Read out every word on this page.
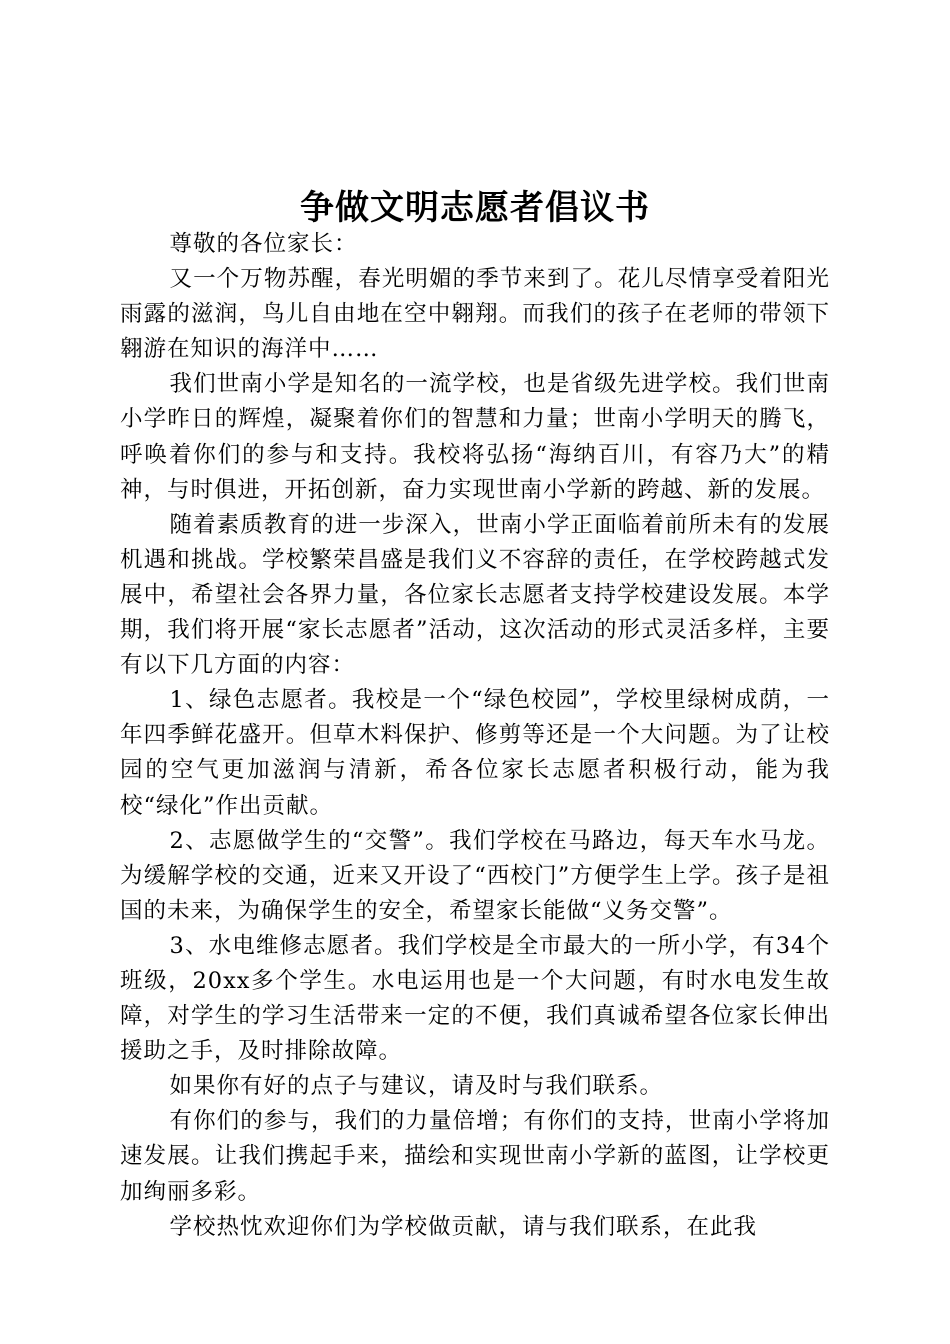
争做文明志愿者倡议书

尊敬的各位家长：

又一个万物苏醒，春光明媚的季节来到了。花儿尽情享受着阳光雨露的滋润，鸟儿自由地在空中翱翔。而我们的孩子在老师的带领下翱游在知识的海洋中……

我们世南小学是知名的一流学校，也是省级先进学校。我们世南小学昨日的辉煌，凝聚着你们的智慧和力量；世南小学明天的腾飞，呼唤着你们的参与和支持。我校将弘扬“海纳百川，有容乃大”的精神，与时俱进，开拓创新，奋力实现世南小学新的跨越、新的发展。

随着素质教育的进一步深入，世南小学正面临着前所未有的发展机遇和挑战。学校繁荣昌盛是我们义不容辞的责任，在学校跨越式发展中，希望社会各界力量，各位家长志愿者支持学校建设发展。本学期，我们将开展“家长志愿者”活动，这次活动的形式灵活多样，主要有以下几方面的内容：

1、绿色志愿者。我校是一个“绿色校园”，学校里绿树成荫，一年四季鲜花盛开。但草木料保护、修剪等还是一个大问题。为了让校园的空气更加滋润与清新，希各位家长志愿者积极行动，能为我校“绿化”作出贡献。

2、志愿做学生的“交警”。我们学校在马路边，每天车水马龙。为缓解学校的交通，近来又开设了“西校门”方便学生上学。孩子是祖国的未来，为确保学生的安全，希望家长能做“义务交警”。

3、水电维修志愿者。我们学校是全市最大的一所小学，有34个班级，20xx多个学生。水电运用也是一个大问题，有时水电发生故障，对学生的学习生活带来一定的不便，我们真诚希望各位家长伸出援助之手，及时排除故障。

如果你有好的点子与建议，请及时与我们联系。

有你们的参与，我们的力量倍增；有你们的支持，世南小学将加速发展。让我们携起手来，描绘和实现世南小学新的蓝图，让学校更加绚丽多彩。

学校热忱欢迎你们为学校做贡献，请与我们联系，在此我
